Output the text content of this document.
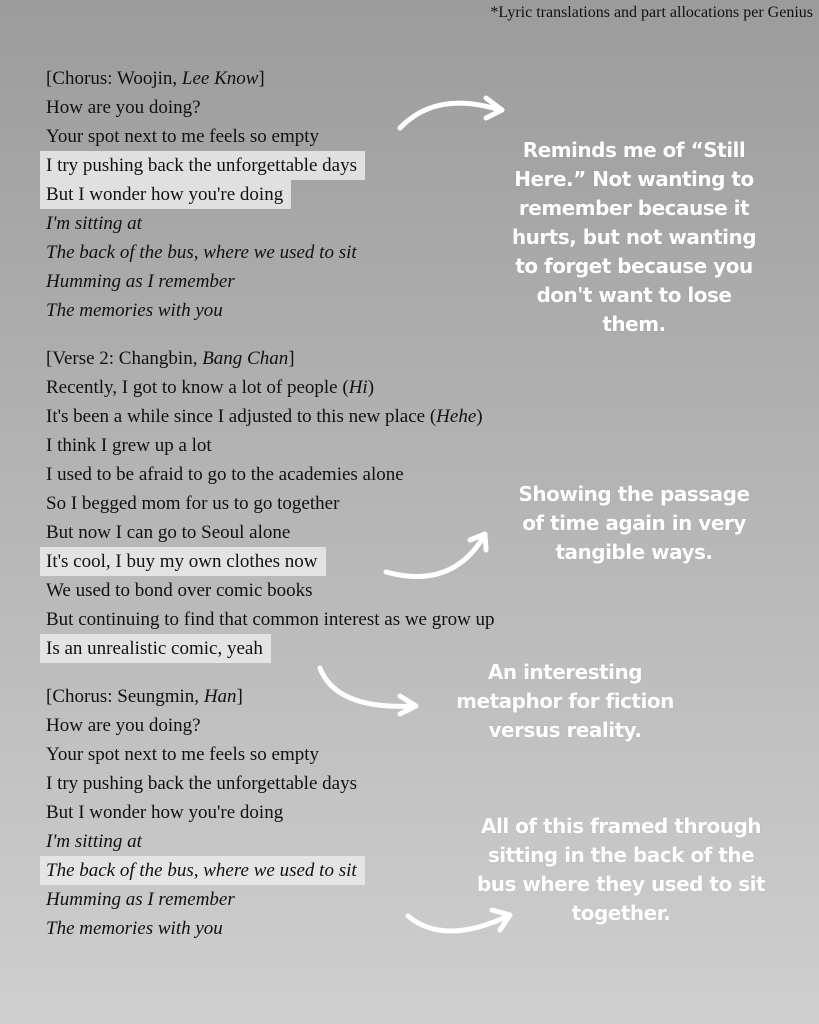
*Lyric translations and part allocations per Genius
[Chorus: Woojin, Lee Know]
How are you doing?
Your spot next to me feels so empty
I try pushing back the unforgettable days
But I wonder how you're doing
I'm sitting at
The back of the bus, where we used to sit
Humming as I remember
The memories with you
[Verse 2: Changbin, Bang Chan]
Recently, I got to know a lot of people (Hi)
It's been a while since I adjusted to this new place (Hehe)
I think I grew up a lot
I used to be afraid to go to the academies alone
So I begged mom for us to go together
But now I can go to Seoul alone
It's cool, I buy my own clothes now
We used to bond over comic books
But continuing to find that common interest as we grow up
Is an unrealistic comic, yeah
[Chorus: Seungmin, Han]
How are you doing?
Your spot next to me feels so empty
I try pushing back the unforgettable days
But I wonder how you're doing
I'm sitting at
The back of the bus, where we used to sit
Humming as I remember
The memories with you
Reminds me of “Still
Here.” Not wanting to
remember because it
hurts, but not wanting
to forget because you
don't want to lose
them.
Showing the passage
of time again in very
tangible ways.
An interesting
metaphor for fiction
versus reality.
All of this framed through
sitting in the back of the
bus where they used to sit
together.
